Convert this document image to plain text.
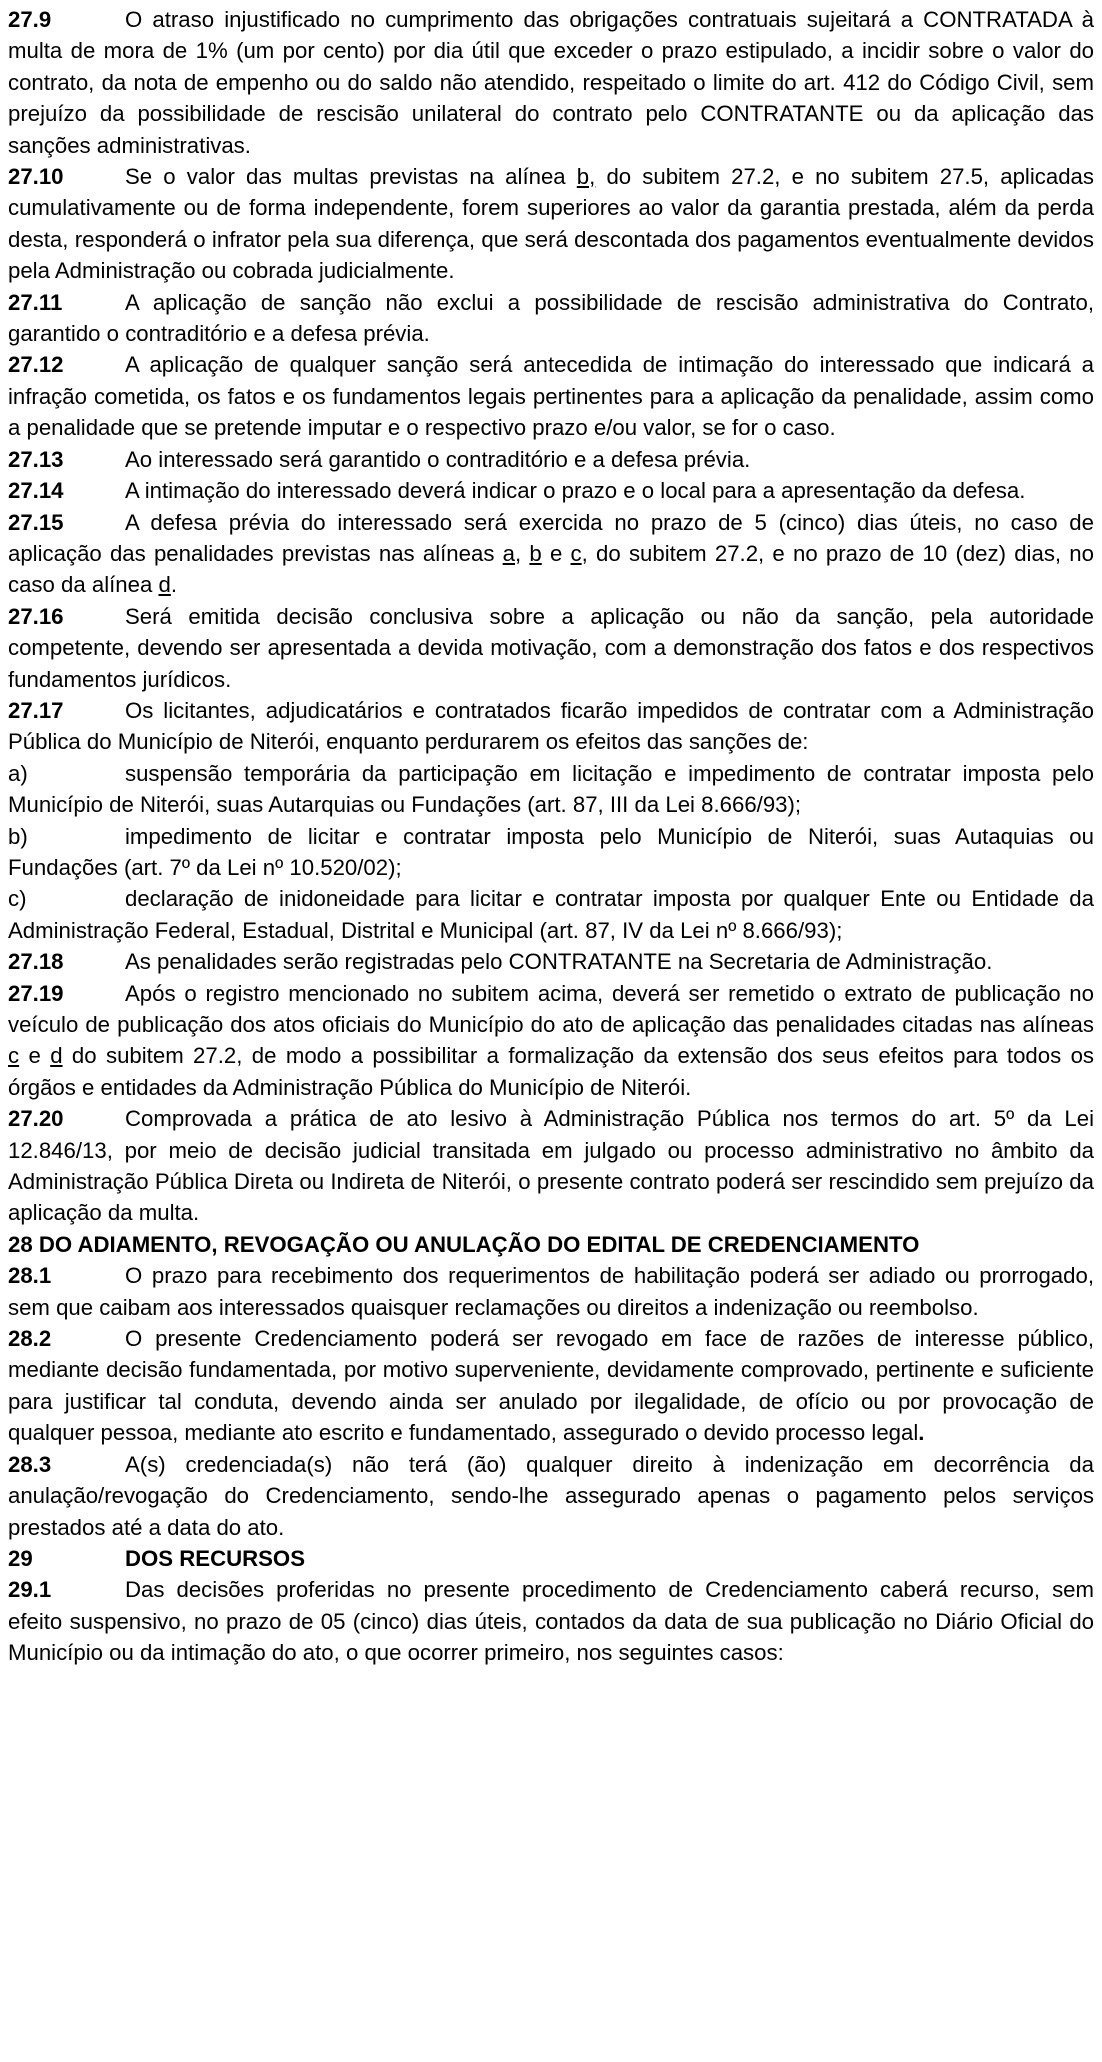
27.9	O atraso injustificado no cumprimento das obrigações contratuais sujeitará a CONTRATADA à multa de mora de 1% (um por cento) por dia útil que exceder o prazo estipulado, a incidir sobre o valor do contrato, da nota de empenho ou do saldo não atendido, respeitado o limite do art. 412 do Código Civil, sem prejuízo da possibilidade de rescisão unilateral do contrato pelo CONTRATANTE ou da aplicação das sanções administrativas.

27.10	Se o valor das multas previstas na alínea b, do subitem 27.2, e no subitem 27.5, aplicadas cumulativamente ou de forma independente, forem superiores ao valor da garantia prestada, além da perda desta, responderá o infrator pela sua diferença, que será descontada dos pagamentos eventualmente devidos pela Administração ou cobrada judicialmente.

27.11	A aplicação de sanção não exclui a possibilidade de rescisão administrativa do Contrato, garantido o contraditório e a defesa prévia.

27.12	A aplicação de qualquer sanção será antecedida de intimação do interessado que indicará a infração cometida, os fatos e os fundamentos legais pertinentes para a aplicação da penalidade, assim como a penalidade que se pretende imputar e o respectivo prazo e/ou valor, se for o caso.

27.13	Ao interessado será garantido o contraditório e a defesa prévia.

27.14	A intimação do interessado deverá indicar o prazo e o local para a apresentação da defesa.

27.15	A defesa prévia do interessado será exercida no prazo de 5 (cinco) dias úteis, no caso de aplicação das penalidades previstas nas alíneas a, b e c, do subitem 27.2, e no prazo de 10 (dez) dias, no caso da alínea d.

27.16	Será emitida decisão conclusiva sobre a aplicação ou não da sanção, pela autoridade competente, devendo ser apresentada a devida motivação, com a demonstração dos fatos e dos respectivos fundamentos jurídicos.

27.17	Os licitantes, adjudicatários e contratados ficarão impedidos de contratar com a Administração Pública do Município de Niterói, enquanto perdurarem os efeitos das sanções de:

a)	suspensão temporária da participação em licitação e impedimento de contratar imposta pelo Município de Niterói, suas Autarquias ou Fundações (art. 87, III da Lei 8.666/93);

b)	impedimento de licitar e contratar imposta pelo Município de Niterói, suas Autaquias ou Fundações (art. 7º da Lei nº 10.520/02);

c)	declaração de inidoneidade para licitar e contratar imposta por qualquer Ente ou Entidade da Administração Federal, Estadual, Distrital e Municipal (art. 87, IV da Lei nº 8.666/93);

27.18	As penalidades serão registradas pelo CONTRATANTE na Secretaria de Administração.

27.19	Após o registro mencionado no subitem acima, deverá ser remetido o extrato de publicação no veículo de publicação dos atos oficiais do Município do ato de aplicação das penalidades citadas nas alíneas c e d do subitem 27.2, de modo a possibilitar a formalização da extensão dos seus efeitos para todos os órgãos e entidades da Administração Pública do Município de Niterói.

27.20	Comprovada a prática de ato lesivo à Administração Pública nos termos do art. 5º da Lei 12.846/13, por meio de decisão judicial transitada em julgado ou processo administrativo no âmbito da Administração Pública Direta ou Indireta de Niterói, o presente contrato poderá ser rescindido sem prejuízo da aplicação da multa.

28 DO ADIAMENTO, REVOGAÇÃO OU ANULAÇÃO DO EDITAL DE CREDENCIAMENTO

28.1	O prazo para recebimento dos requerimentos de habilitação poderá ser adiado ou prorrogado, sem que caibam aos interessados quaisquer reclamações ou direitos a indenização ou reembolso.

28.2	O presente Credenciamento poderá ser revogado em face de razões de interesse público, mediante decisão fundamentada, por motivo superveniente, devidamente comprovado, pertinente e suficiente para justificar tal conduta, devendo ainda ser anulado por ilegalidade, de ofício ou por provocação de qualquer pessoa, mediante ato escrito e fundamentado, assegurado o devido processo legal.

28.3	A(s) credenciada(s) não terá (ão) qualquer direito à indenização em decorrência da anulação/revogação do Credenciamento, sendo-lhe assegurado apenas o pagamento pelos serviços prestados até a data do ato.

29	DOS RECURSOS

29.1	Das decisões proferidas no presente procedimento de Credenciamento caberá recurso, sem efeito suspensivo, no prazo de 05 (cinco) dias úteis, contados da data de sua publicação no Diário Oficial do Município ou da intimação do ato, o que ocorrer primeiro, nos seguintes casos:
